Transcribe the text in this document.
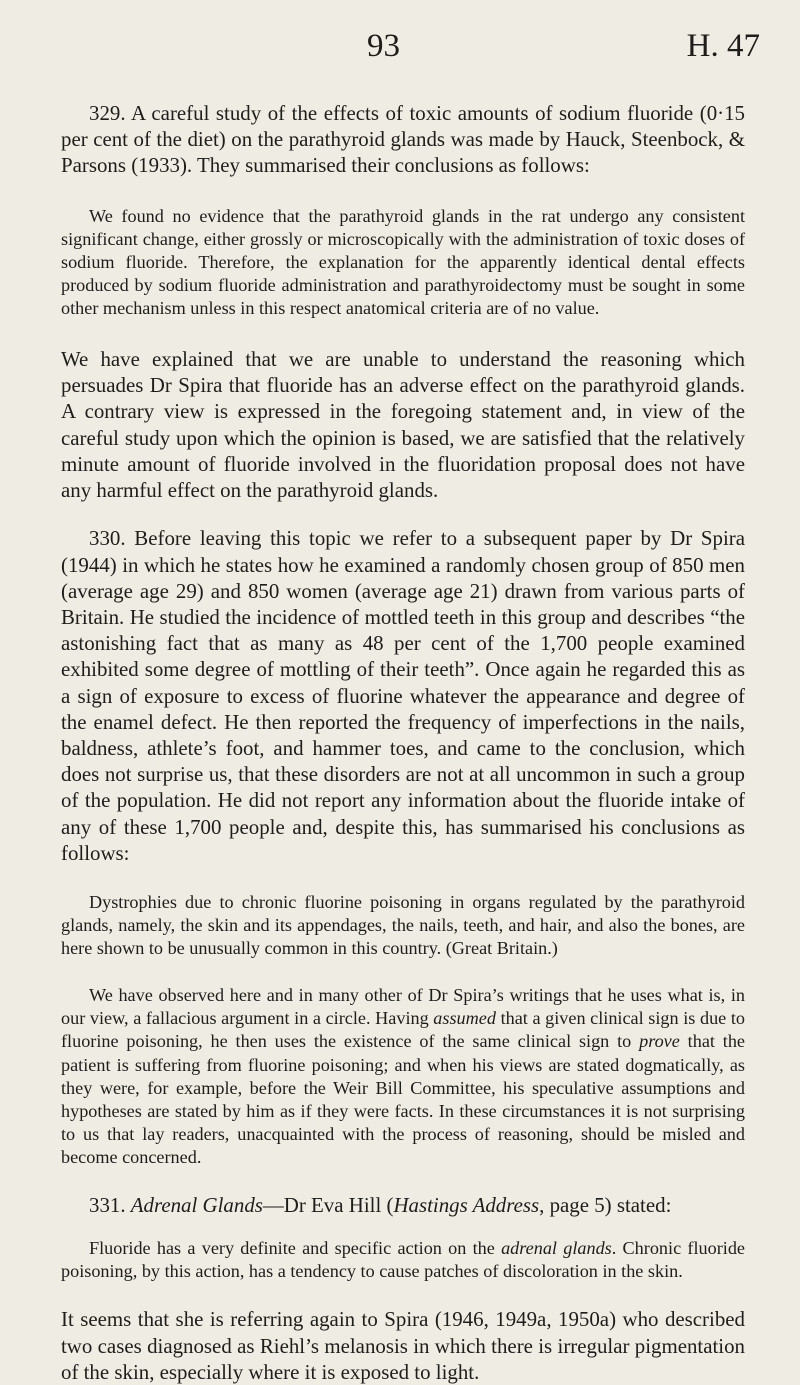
93	H. 47

329. A careful study of the effects of toxic amounts of sodium fluoride (0·15 per cent of the diet) on the parathyroid glands was made by Hauck, Steenbock, & Parsons (1933). They summarised their conclusions as follows:

We found no evidence that the parathyroid glands in the rat undergo any consistent significant change, either grossly or microscopically with the administration of toxic doses of sodium fluoride. Therefore, the explanation for the apparently identical dental effects produced by sodium fluoride administration and parathyroidectomy must be sought in some other mechanism unless in this respect anatomical criteria are of no value.

We have explained that we are unable to understand the reasoning which persuades Dr Spira that fluoride has an adverse effect on the parathyroid glands. A contrary view is expressed in the foregoing statement and, in view of the careful study upon which the opinion is based, we are satisfied that the relatively minute amount of fluoride involved in the fluoridation proposal does not have any harmful effect on the parathyroid glands.

330. Before leaving this topic we refer to a subsequent paper by Dr Spira (1944) in which he states how he examined a randomly chosen group of 850 men (average age 29) and 850 women (average age 21) drawn from various parts of Britain. He studied the incidence of mottled teeth in this group and describes “the astonishing fact that as many as 48 per cent of the 1,700 people examined exhibited some degree of mottling of their teeth”. Once again he regarded this as a sign of exposure to excess of fluorine whatever the appearance and degree of the enamel defect. He then reported the frequency of imperfections in the nails, baldness, athlete’s foot, and hammer toes, and came to the conclusion, which does not surprise us, that these disorders are not at all uncommon in such a group of the population. He did not report any information about the fluoride intake of any of these 1,700 people and, despite this, has summarised his conclusions as follows:

Dystrophies due to chronic fluorine poisoning in organs regulated by the parathyroid glands, namely, the skin and its appendages, the nails, teeth, and hair, and also the bones, are here shown to be unusually common in this country. (Great Britain.)

We have observed here and in many other of Dr Spira’s writings that he uses what is, in our view, a fallacious argument in a circle. Having assumed that a given clinical sign is due to fluorine poisoning, he then uses the existence of the same clinical sign to prove that the patient is suffering from fluorine poisoning; and when his views are stated dogmatically, as they were, for example, before the Weir Bill Committee, his speculative assumptions and hypotheses are stated by him as if they were facts. In these circumstances it is not surprising to us that lay readers, unacquainted with the process of reasoning, should be misled and become concerned.

331. Adrenal Glands—Dr Eva Hill (Hastings Address, page 5) stated:

Fluoride has a very definite and specific action on the adrenal glands. Chronic fluoride poisoning, by this action, has a tendency to cause patches of discoloration in the skin.

It seems that she is referring again to Spira (1946, 1949a, 1950a) who described two cases diagnosed as Riehl’s melanosis in which there is irregular pigmentation of the skin, especially where it is exposed to light.
